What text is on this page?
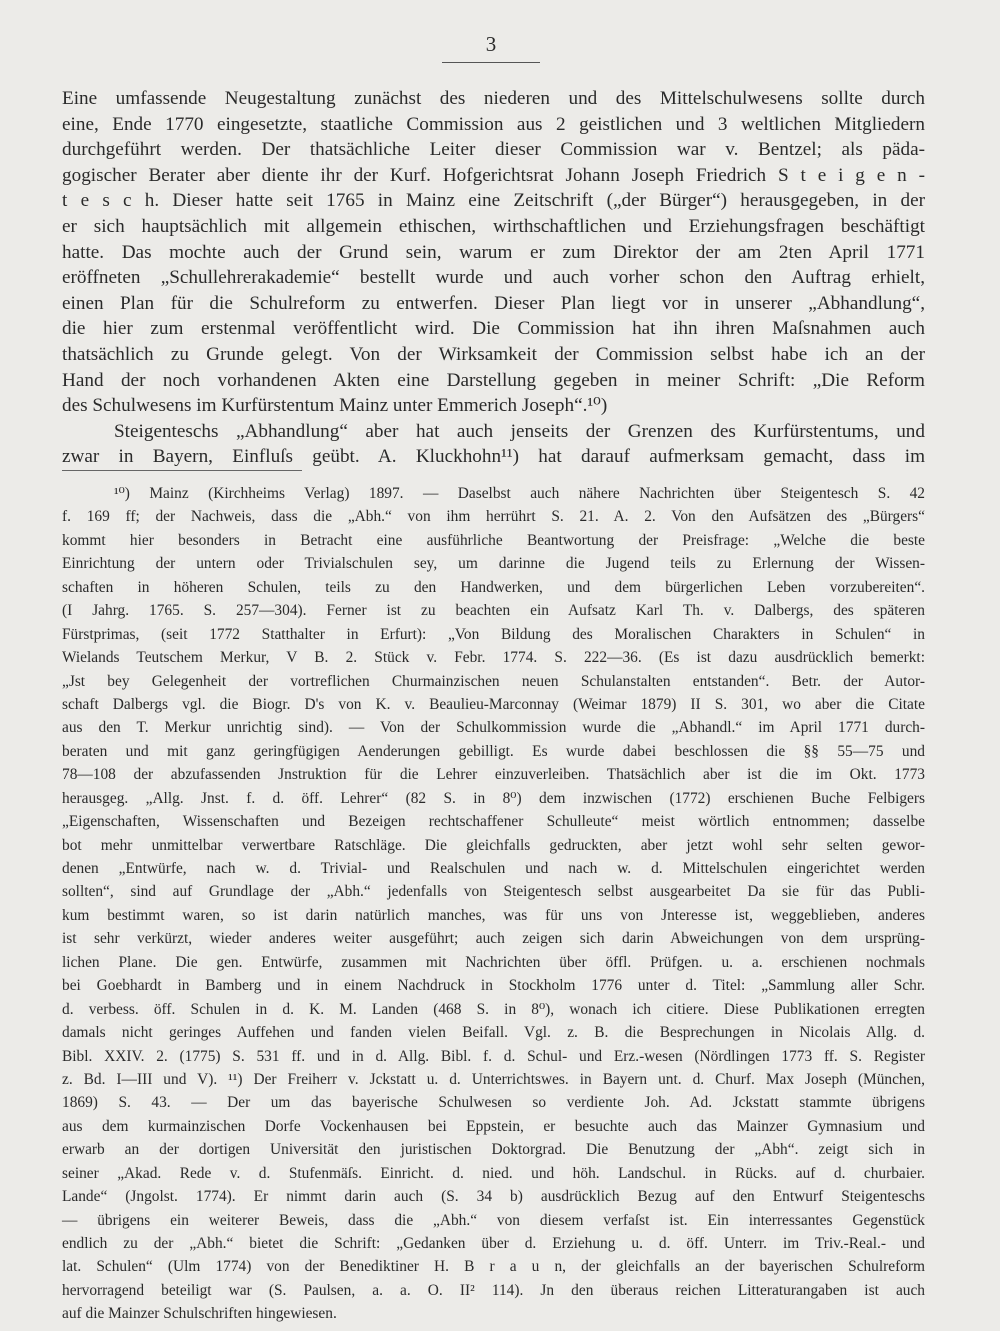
3
Eine umfassende Neugestaltung zunächst des niederen und des Mittelschulwesens sollte durch
eine, Ende 1770 eingesetzte, staatliche Commission aus 2 geistlichen und 3 weltlichen Mitgliedern
durchgeführt werden. Der thatsächliche Leiter dieser Commission war v. Bentzel; als päda-
gogischer Berater aber diente ihr der Kurf. Hofgerichtsrat Johann Joseph Friedrich S t e i g e n -
t e s c h. Dieser hatte seit 1765 in Mainz eine Zeitschrift („der Bürger“) herausgegeben, in der
er sich hauptsächlich mit allgemein ethischen, wirthschaftlichen und Erziehungsfragen beschäftigt
hatte. Das mochte auch der Grund sein, warum er zum Direktor der am 2ten April 1771
eröffneten „Schullehrerakademie“ bestellt wurde und auch vorher schon den Auftrag erhielt,
einen Plan für die Schulreform zu entwerfen. Dieser Plan liegt vor in unserer „Abhandlung“,
die hier zum erstenmal veröffentlicht wird. Die Commission hat ihn ihren Maſsnahmen auch
thatsächlich zu Grunde gelegt. Von der Wirksamkeit der Commission selbst habe ich an der
Hand der noch vorhandenen Akten eine Darstellung gegeben in meiner Schrift: „Die Reform
des Schulwesens im Kurfürstentum Mainz unter Emmerich Joseph“.¹⁰)
Steigenteschs „Abhandlung“ aber hat auch jenseits der Grenzen des Kurfürstentums, und
zwar in Bayern, Einfluſs geübt. A. Kluckhohn¹¹) hat darauf aufmerksam gemacht, dass im
¹⁰) Mainz (Kirchheims Verlag) 1897. — Daselbst auch nähere Nachrichten über Steigentesch S. 42
f. 169 ff; der Nachweis, dass die „Abh.“ von ihm herrührt S. 21. A. 2. Von den Aufsätzen des „Bürgers“
kommt hier besonders in Betracht eine ausführliche Beantwortung der Preisfrage: „Welche die beste
Einrichtung der untern oder Trivialschulen sey, um darinne die Jugend teils zu Erlernung der Wissen-
schaften in höheren Schulen, teils zu den Handwerken, und dem bürgerlichen Leben vorzubereiten“.
(I Jahrg. 1765. S. 257—304). Ferner ist zu beachten ein Aufsatz Karl Th. v. Dalbergs, des späteren
Fürstprimas, (seit 1772 Statthalter in Erfurt): „Von Bildung des Moralischen Charakters in Schulen“ in
Wielands Teutschem Merkur, V B. 2. Stück v. Febr. 1774. S. 222—36. (Es ist dazu ausdrücklich bemerkt:
„Jst bey Gelegenheit der vortreflichen Churmainzischen neuen Schulanstalten entstanden“. Betr. der Autor-
schaft Dalbergs vgl. die Biogr. D's von K. v. Beaulieu-Marconnay (Weimar 1879) II S. 301, wo aber die Citate
aus den T. Merkur unrichtig sind). — Von der Schulkommission wurde die „Abhandl.“ im April 1771 durch-
beraten und mit ganz geringfügigen Aenderungen gebilligt. Es wurde dabei beschlossen die §§ 55—75 und
78—108 der abzufassenden Jnstruktion für die Lehrer einzuverleiben. Thatsächlich aber ist die im Okt. 1773
herausgeg. „Allg. Jnst. f. d. öff. Lehrer“ (82 S. in 8⁰) dem inzwischen (1772) erschienen Buche Felbigers
„Eigenschaften, Wissenschaften und Bezeigen rechtschaffener Schulleute“ meist wörtlich entnommen; dasselbe
bot mehr unmittelbar verwertbare Ratschläge. Die gleichfalls gedruckten, aber jetzt wohl sehr selten gewor-
denen „Entwürfe, nach w. d. Trivial- und Realschulen und nach w. d. Mittelschulen eingerichtet werden
sollten“, sind auf Grundlage der „Abh.“ jedenfalls von Steigentesch selbst ausgearbeitet Da sie für das Publi-
kum bestimmt waren, so ist darin natürlich manches, was für uns von Jnteresse ist, weggeblieben, anderes
ist sehr verkürzt, wieder anderes weiter ausgeführt; auch zeigen sich darin Abweichungen von dem ursprüng-
lichen Plane. Die gen. Entwürfe, zusammen mit Nachrichten über öffl. Prüfgen. u. a. erschienen nochmals
bei Goebhardt in Bamberg und in einem Nachdruck in Stockholm 1776 unter d. Titel: „Sammlung aller Schr.
d. verbess. öff. Schulen in d. K. M. Landen (468 S. in 8⁰), wonach ich citiere. Diese Publikationen erregten
damals nicht geringes Auffehen und fanden vielen Beifall. Vgl. z. B. die Besprechungen in Nicolais Allg. d.
Bibl. XXIV. 2. (1775) S. 531 ff. und in d. Allg. Bibl. f. d. Schul- und Erz.-wesen (Nördlingen 1773 ff. S. Register
z. Bd. I—III und V). ¹¹) Der Freiherr v. Jckstatt u. d. Unterrichtswes. in Bayern unt. d. Churf. Max Joseph (München,
1869) S. 43. — Der um das bayerische Schulwesen so verdiente Joh. Ad. Jckstatt stammte übrigens
aus dem kurmainzischen Dorfe Vockenhausen bei Eppstein, er besuchte auch das Mainzer Gymnasium und
erwarb an der dortigen Universität den juristischen Doktorgrad. Die Benutzung der „Abh“. zeigt sich in
seiner „Akad. Rede v. d. Stufenmäſs. Einricht. d. nied. und höh. Landschul. in Rücks. auf d. churbaier.
Lande“ (Jngolst. 1774). Er nimmt darin auch (S. 34 b) ausdrücklich Bezug auf den Entwurf Steigenteschs
— übrigens ein weiterer Beweis, dass die „Abh.“ von diesem verfaſst ist. Ein interressantes Gegenstück
endlich zu der „Abh.“ bietet die Schrift: „Gedanken über d. Erziehung u. d. öff. Unterr. im Triv.-Real.- und
lat. Schulen“ (Ulm 1774) von der Benediktiner H. B r a u n, der gleichfalls an der bayerischen Schulreform
hervorragend beteiligt war (S. Paulsen, a. a. O. II² 114). Jn den überaus reichen Litteraturangaben ist auch
auf die Mainzer Schulschriften hingewiesen.
